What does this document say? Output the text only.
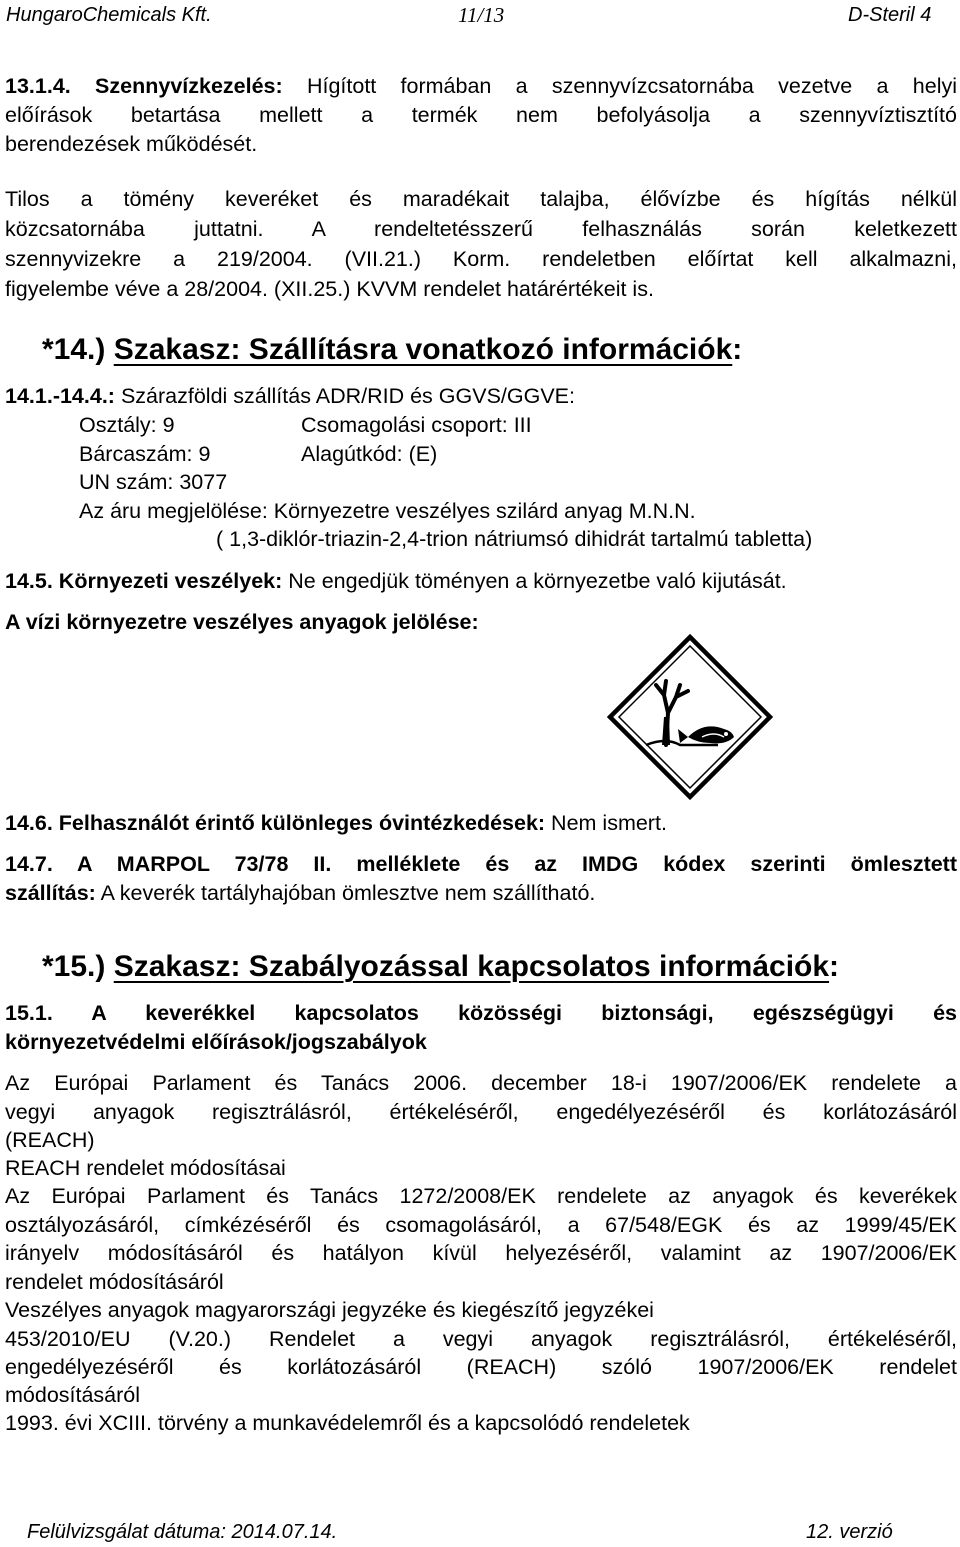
HungaroChemicals Kft.	11/13	D-Steril 4
13.1.4. Szennyvízkezelés: Hígított formában a szennyvízcsatornába vezetve a helyi
előírások betartása mellett a termék nem befolyásolja a szennyvíztisztító
berendezések működését.
Tilos a tömény keveréket és maradékait talajba, élővízbe és hígítás nélkül
közcsatornába juttatni. A rendeltetésszerű felhasználás során keletkezett
szennyvizekre a 219/2004. (VII.21.) Korm. rendeletben előírtat kell alkalmazni,
figyelembe véve a 28/2004. (XII.25.) KVVM rendelet határértékeit is.
*14.) Szakasz: Szállításra vonatkozó információk:
14.1.-14.4.: Szárazföldi szállítás ADR/RID és GGVS/GGVE:
Osztály: 9	Csomagolási csoport: III
Bárcaszám: 9	Alagútkód: (E)
UN szám: 3077
Az áru megjelölése: Környezetre veszélyes szilárd anyag M.N.N.
( 1,3-diklór-triazin-2,4-trion nátriumsó dihidrát tartalmú tabletta)
14.5. Környezeti veszélyek: Ne engedjük töményen a környezetbe való kijutását.
A vízi környezetre veszélyes anyagok jelölése:
14.6. Felhasználót érintő különleges óvintézkedések: Nem ismert.
14.7. A MARPOL 73/78 II. melléklete és az IMDG kódex szerinti ömlesztett
szállítás: A keverék tartályhajóban ömlesztve nem szállítható.
*15.) Szakasz: Szabályozással kapcsolatos információk:
15.1. A keverékkel kapcsolatos közösségi biztonsági, egészségügyi és
környezetvédelmi előírások/jogszabályok
Az Európai Parlament és Tanács 2006. december 18-i 1907/2006/EK rendelete a
vegyi anyagok regisztrálásról, értékeléséről, engedélyezéséről és korlátozásáról
(REACH)
REACH rendelet módosításai
Az Európai Parlament és Tanács 1272/2008/EK rendelete az anyagok és keverékek
osztályozásáról, címkézéséről és csomagolásáról, a 67/548/EGK és az 1999/45/EK
irányelv módosításáról és hatályon kívül helyezéséről, valamint az 1907/2006/EK
rendelet módosításáról
Veszélyes anyagok magyarországi jegyzéke és kiegészítő jegyzékei
453/2010/EU (V.20.) Rendelet a vegyi anyagok regisztrálásról, értékeléséről,
engedélyezéséről és korlátozásáról (REACH) szóló 1907/2006/EK rendelet
módosításáról
1993. évi XCIII. törvény a munkavédelemről és a kapcsolódó rendeletek
Felülvizsgálat dátuma: 2014.07.14.	12. verzió
